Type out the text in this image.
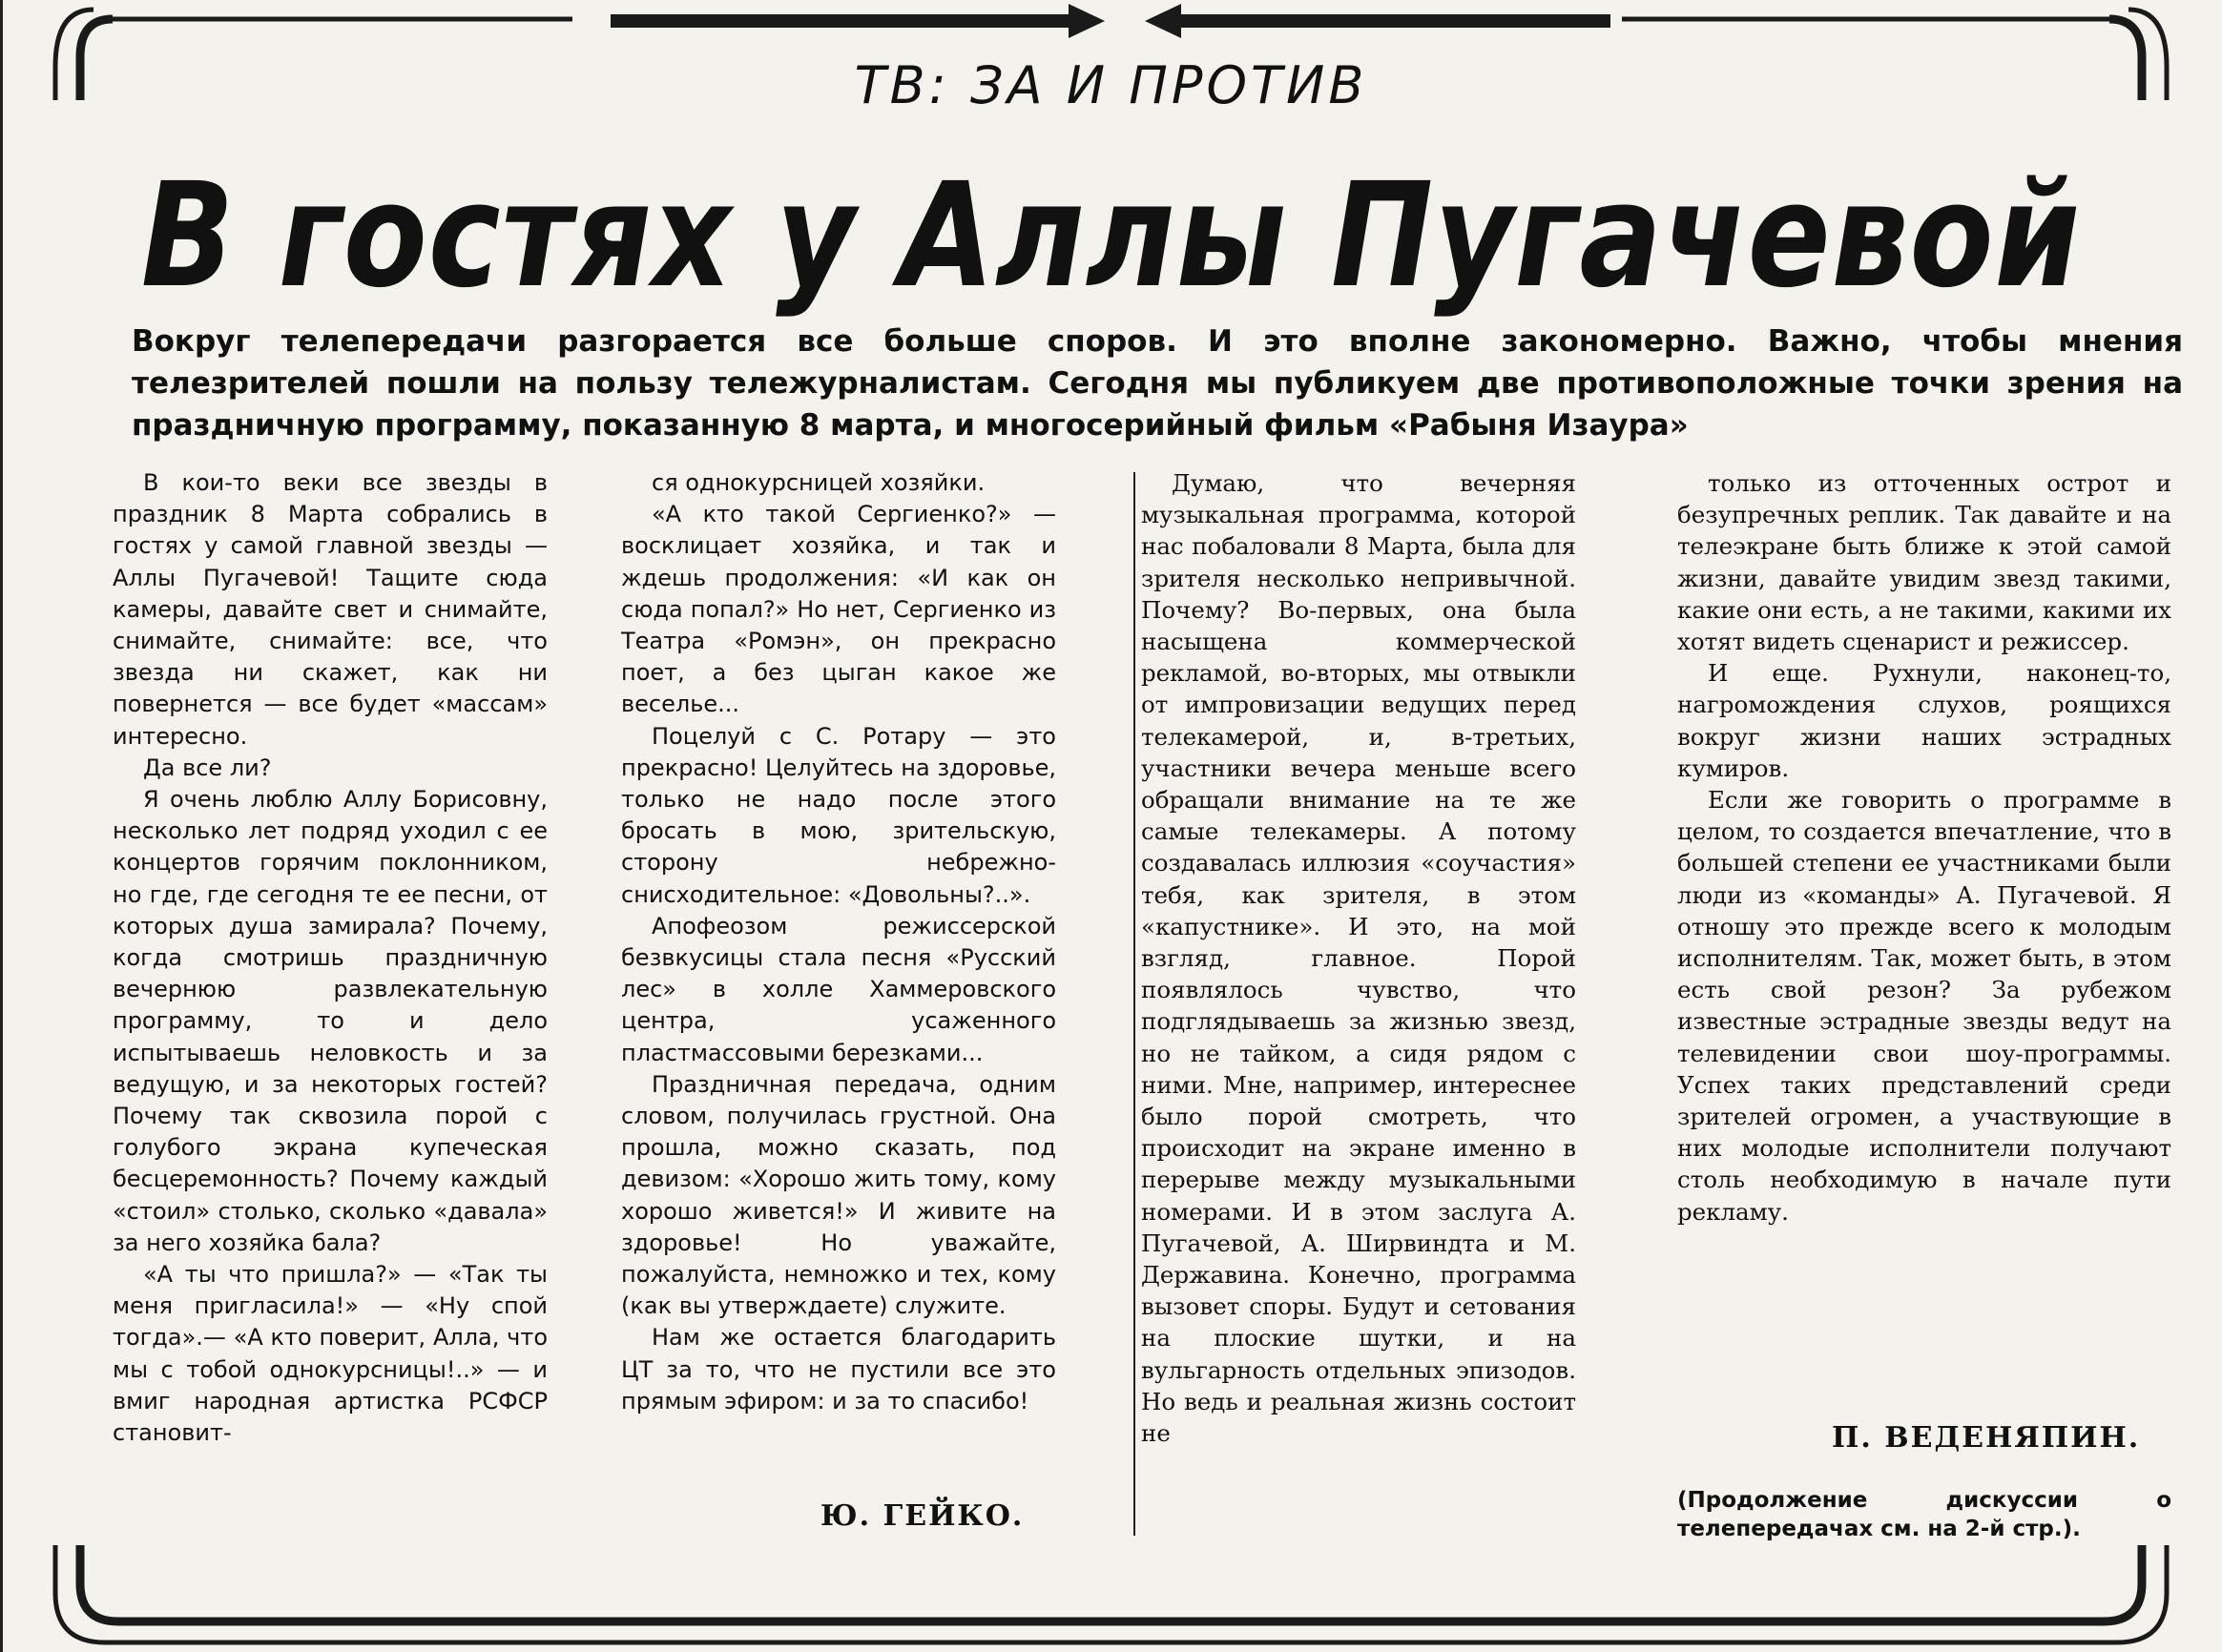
ТВ: ЗА И ПРОТИВ
В гостях у Аллы Пугачевой
Вокруг телепередачи разгорается все больше споров. И это вполне закономерно. Важно, чтобы мнения телезрителей пошли на пользу тележурналистам. Сегодня мы публикуем две противоположные точки зрения на праздничную программу, показанную 8 марта, и многосерийный фильм «Рабыня Изаура»

В кои-то веки все звезды в праздник 8 Марта собрались в гостях у самой главной звезды — Аллы Пугачевой! Тащите сюда камеры, давайте свет и снимайте, снимайте, снимайте: все, что звезда ни скажет, как ни повернется — все будет «массам» интересно.

Да все ли?

Я очень люблю Аллу Борисовну, несколько лет подряд уходил с ее концертов горячим поклонником, но где, где сегодня те ее песни, от которых душа замирала? Почему, когда смотришь праздничную вечернюю развлекательную программу, то и дело испытываешь неловкость и за ведущую, и за некоторых гостей? Почему так сквозила порой с голубого экрана купеческая бесцеремонность? Почему каждый «стоил» столько, сколько «давала» за него хозяйка бала?

«А ты что пришла?» — «Так ты меня пригласила!» — «Ну спой тогда».— «А кто поверит, Алла, что мы с тобой однокурсницы!..» — и вмиг народная артистка РСФСР становит-

ся однокурсницей хозяйки.

«А кто такой Сергиенко?» — восклицает хозяйка, и так и ждешь продолжения: «И как он сюда попал?» Но нет, Сергиенко из Театра «Ромэн», он прекрасно поет, а без цыган какое же веселье...

Поцелуй с С. Ротару — это прекрасно! Целуйтесь на здоровье, только не надо после этого бросать в мою, зрительскую, сторону небрежно-снисходительное: «Довольны?..».

Апофеозом режиссерской безвкусицы стала песня «Русский лес» в холле Хаммеровского центра, усаженного пластмассовыми березками...

Праздничная передача, одним словом, получилась грустной. Она прошла, можно сказать, под девизом: «Хорошо жить тому, кому хорошо живется!» И живите на здоровье! Но уважайте, пожалуйста, немножко и тех, кому (как вы утверждаете) служите.

Нам же остается благодарить ЦТ за то, что не пустили все это прямым эфиром: и за то спасибо!

Ю. ГЕЙКО.

Думаю, что вечерняя музыкальная программа, которой нас побаловали 8 Марта, была для зрителя несколько непривычной. Почему? Во-первых, она была насыщена коммерческой рекламой, во-вторых, мы отвыкли от импровизации ведущих перед телекамерой, и, в-третьих, участники вечера меньше всего обращали внимание на те же самые телекамеры. А потому создавалась иллюзия «соучастия» тебя, как зрителя, в этом «капустнике». И это, на мой взгляд, главное. Порой появлялось чувство, что подглядываешь за жизнью звезд, но не тайком, а сидя рядом с ними. Мне, например, интереснее было порой смотреть, что происходит на экране именно в перерыве между музыкальными номерами. И в этом заслуга А. Пугачевой, А. Ширвиндта и М. Державина. Конечно, программа вызовет споры. Будут и сетования на плоские шутки, и на вульгарность отдельных эпизодов. Но ведь и реальная жизнь состоит не

только из отточенных острот и безупречных реплик. Так давайте и на телеэкране быть ближе к этой самой жизни, давайте увидим звезд такими, какие они есть, а не такими, какими их хотят видеть сценарист и режиссер.

И еще. Рухнули, наконец-то, нагромождения слухов, роящихся вокруг жизни наших эстрадных кумиров.

Если же говорить о программе в целом, то создается впечатление, что в большей степени ее участниками были люди из «команды» А. Пугачевой. Я отношу это прежде всего к молодым исполнителям. Так, может быть, в этом есть свой резон? За рубежом известные эстрадные звезды ведут на телевидении свои шоу-программы. Успех таких представлений среди зрителей огромен, а участвующие в них молодые исполнители получают столь необходимую в начале пути рекламу.

П. ВЕДЕНЯПИН.
(Продолжение дискуссии о телепередачах см. на 2-й стр.).
